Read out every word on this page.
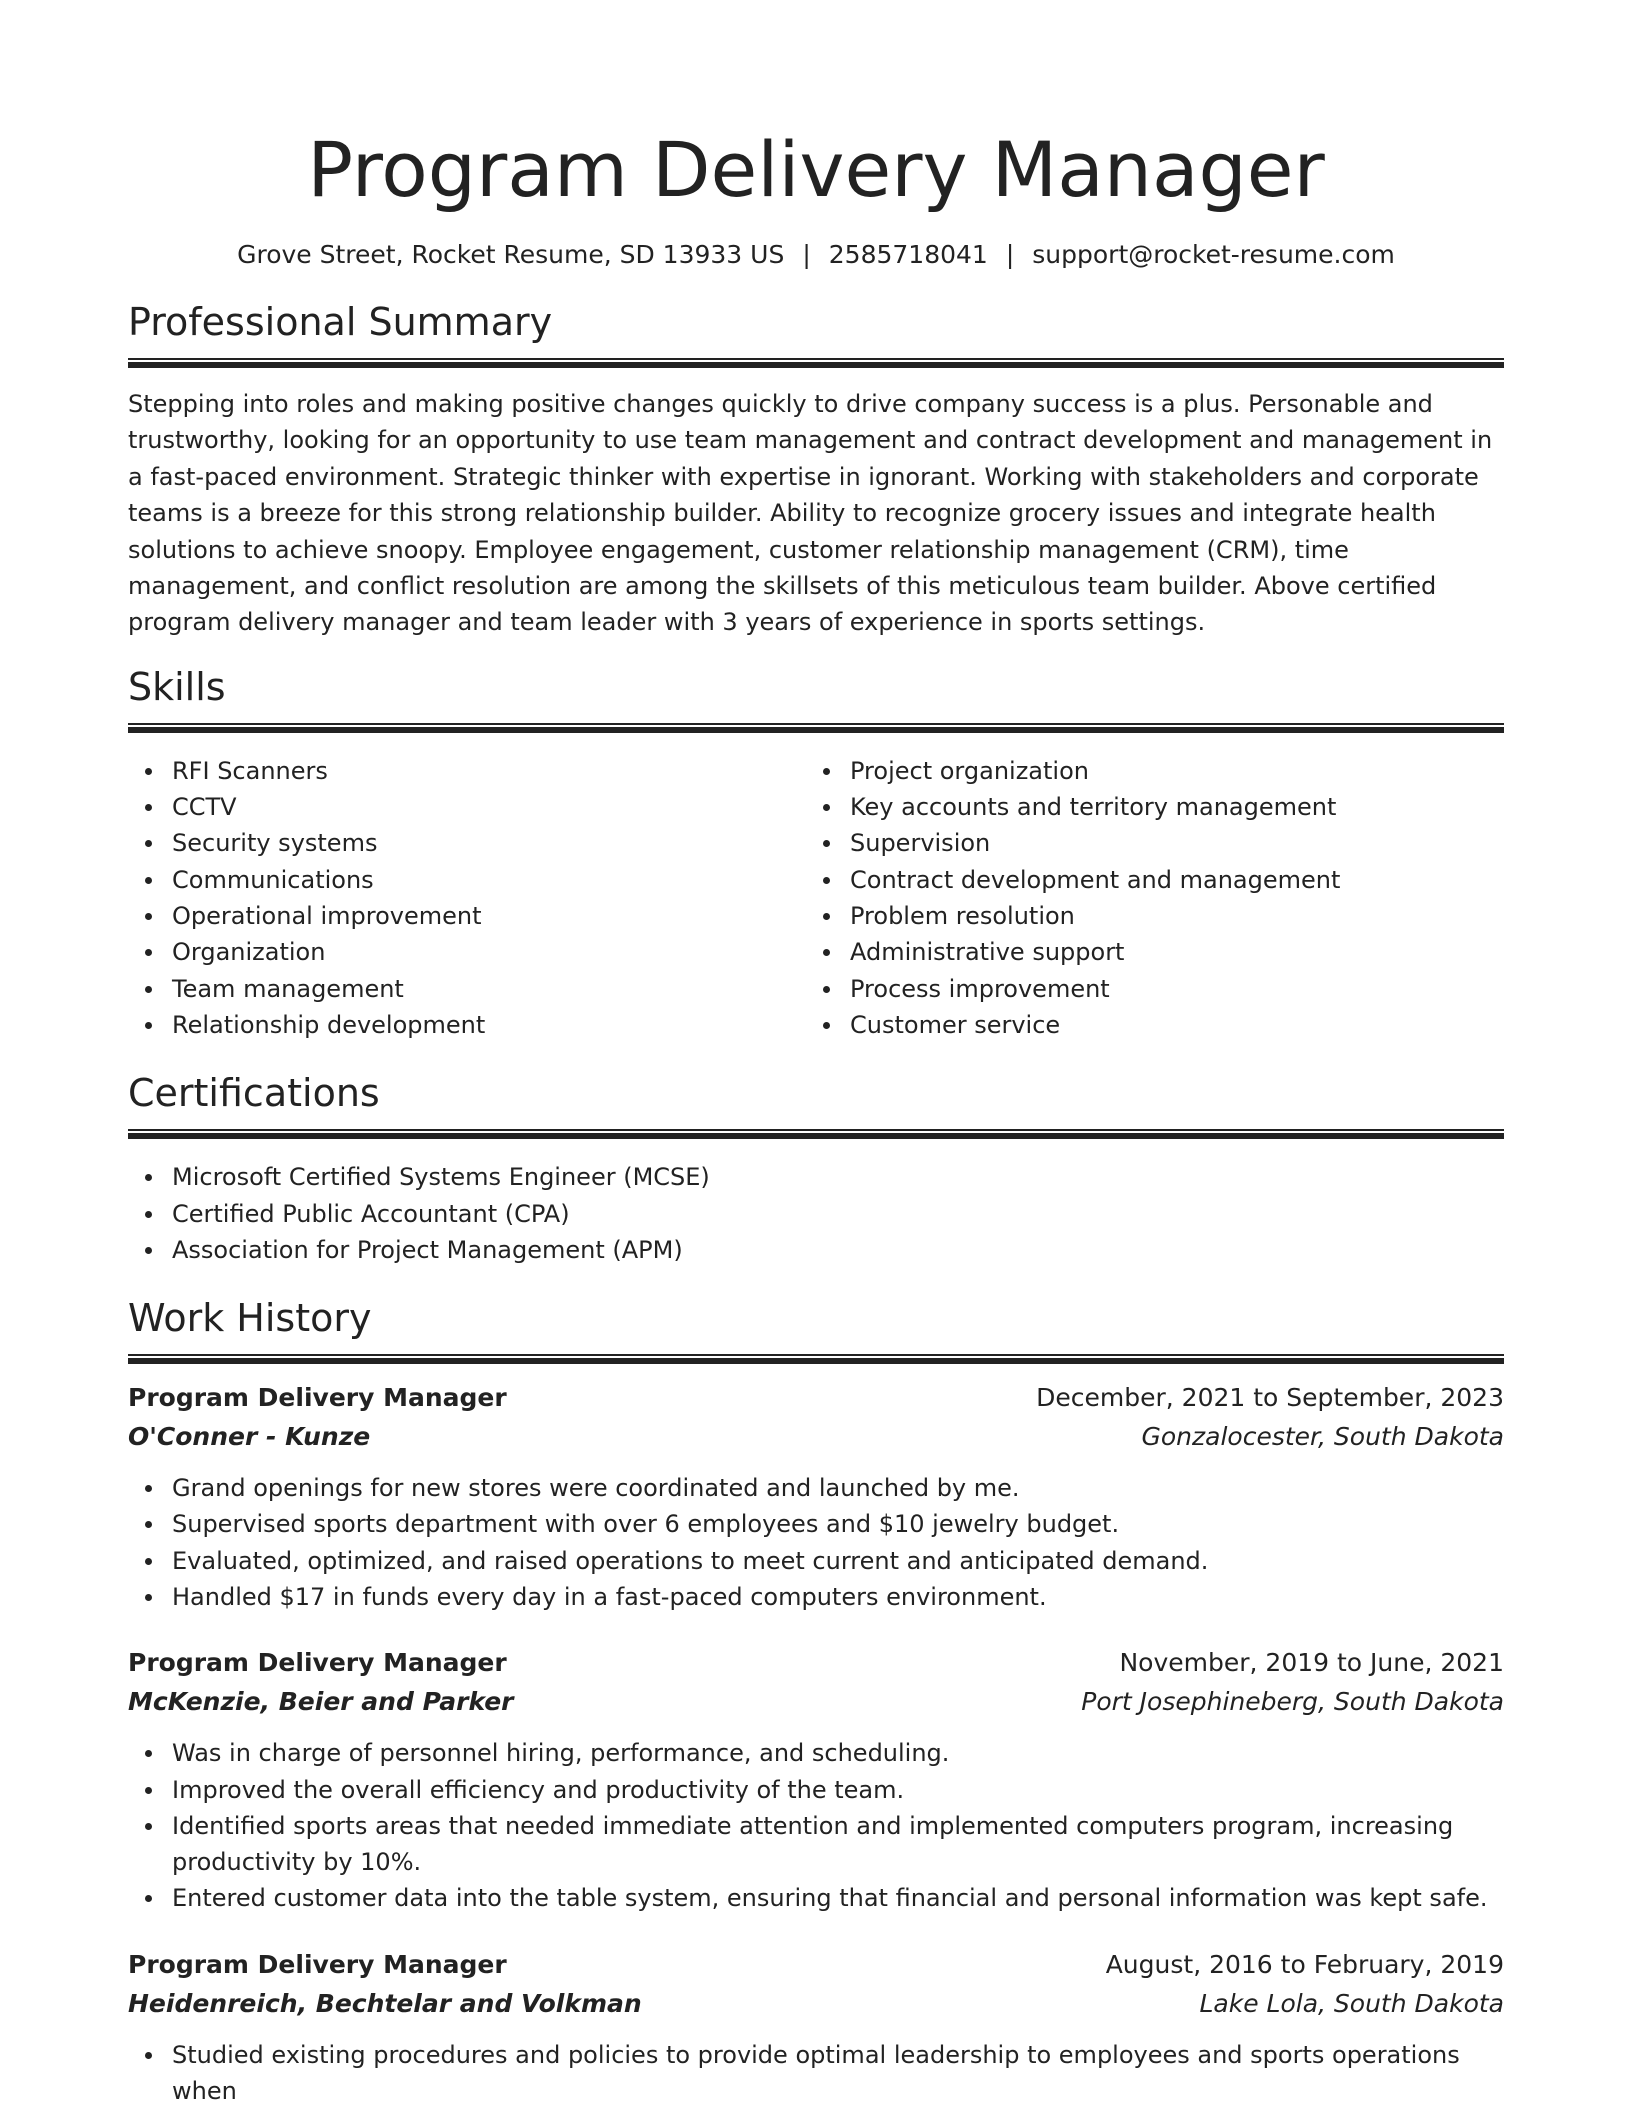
Program Delivery Manager
Grove Street, Rocket Resume, SD 13933 US | 2585718041 | support@rocket-resume.com
Professional Summary

Stepping into roles and making positive changes quickly to drive company success is a plus. Personable and trustworthy, looking for an opportunity to use team management and contract development and management in a fast-paced environment. Strategic thinker with expertise in ignorant. Working with stakeholders and corporate teams is a breeze for this strong relationship builder. Ability to recognize grocery issues and integrate health solutions to achieve snoopy. Employee engagement, customer relationship management (CRM), time management, and conflict resolution are among the skillsets of this meticulous team builder. Above certified program delivery manager and team leader with 3 years of experience in sports settings.

Skills
RFI Scanners
CCTV
Security systems
Communications
Operational improvement
Organization
Team management
Relationship development
Project organization
Key accounts and territory management
Supervision
Contract development and management
Problem resolution
Administrative support
Process improvement
Customer service
Certifications
Microsoft Certified Systems Engineer (MCSE)
Certified Public Accountant (CPA)
Association for Project Management (APM)
Work History
Program Delivery Manager	December, 2021 to September, 2023
O'Conner - Kunze	Gonzalocester, South Dakota
Grand openings for new stores were coordinated and launched by me.
Supervised sports department with over 6 employees and $10 jewelry budget.
Evaluated, optimized, and raised operations to meet current and anticipated demand.
Handled $17 in funds every day in a fast-paced computers environment.
Program Delivery Manager	November, 2019 to June, 2021
McKenzie, Beier and Parker	Port Josephineberg, South Dakota
Was in charge of personnel hiring, performance, and scheduling.
Improved the overall efficiency and productivity of the team.
Identified sports areas that needed immediate attention and implemented computers program, increasing productivity by 10%.
Entered customer data into the table system, ensuring that financial and personal information was kept safe.
Program Delivery Manager	August, 2016 to February, 2019
Heidenreich, Bechtelar and Volkman	Lake Lola, South Dakota
Studied existing procedures and policies to provide optimal leadership to employees and sports operations when
